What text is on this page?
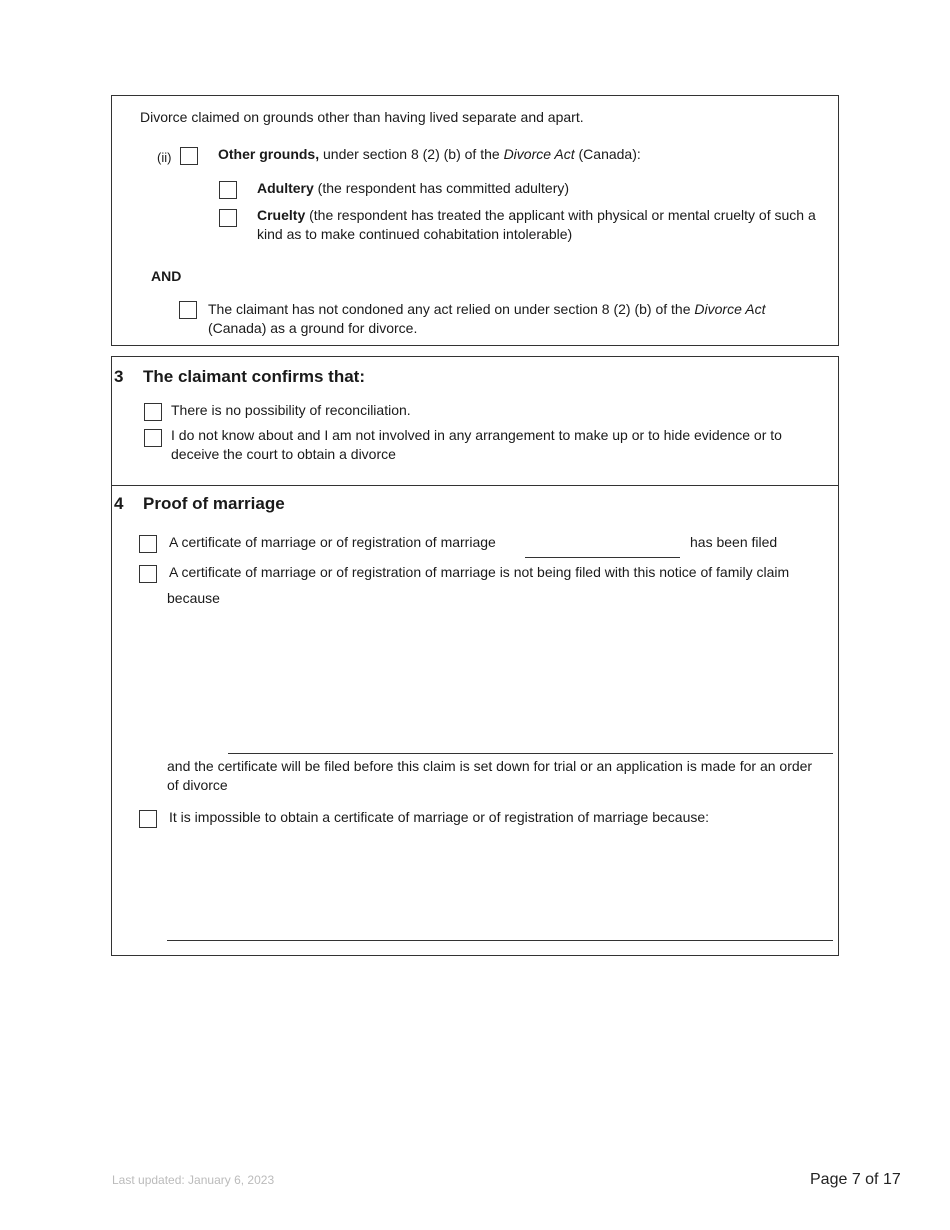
Divorce claimed on grounds other than having lived separate and apart.
(ii)	Other grounds, under section 8 (2) (b) of the Divorce Act (Canada):
Adultery (the respondent has committed adultery)
Cruelty (the respondent has treated the applicant with physical or mental cruelty of such a kind as to make continued cohabitation intolerable)
AND
The claimant has not condoned any act relied on under section 8 (2) (b) of the Divorce Act (Canada) as a ground for divorce.
3 The claimant confirms that:
There is no possibility of reconciliation.
I do not know about and I am not involved in any arrangement to make up or to hide evidence or to deceive the court to obtain a divorce
4 Proof of marriage
A certificate of marriage or of registration of marriage	has been filed
A certificate of marriage or of registration of marriage is not being filed with this notice of family claim
because
and the certificate will be filed before this claim is set down for trial or an application is made for an order of divorce
It is impossible to obtain a certificate of marriage or of registration of marriage because:
Last updated: January 6, 2023	Page 7 of 17
